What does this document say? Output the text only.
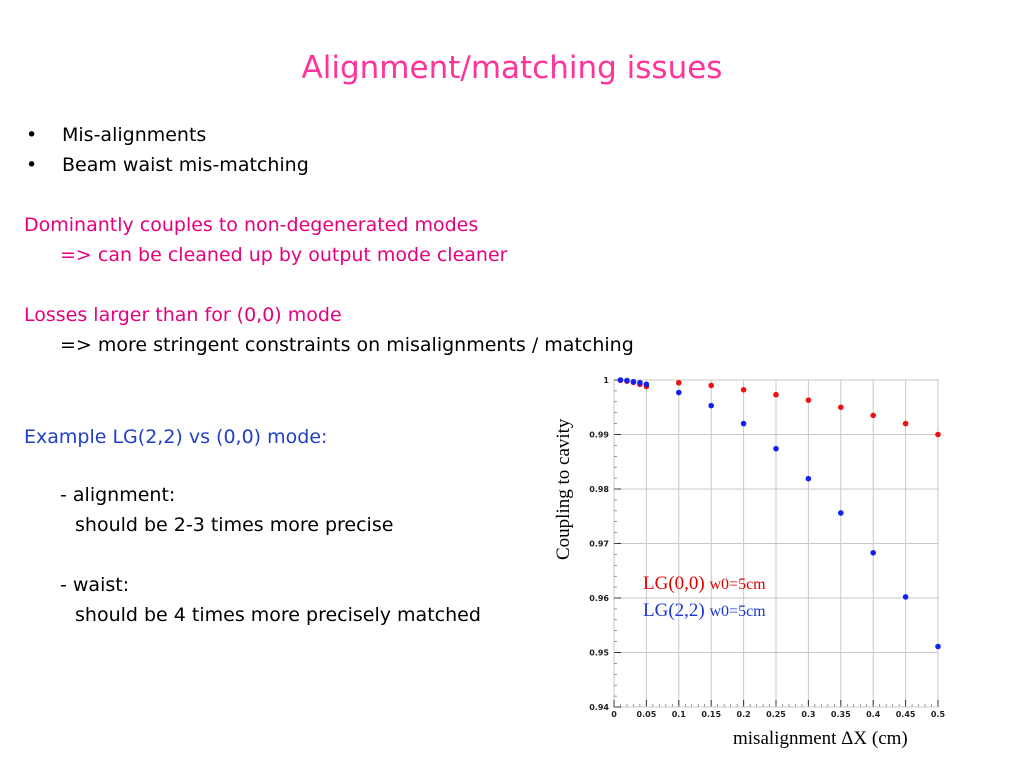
Alignment/matching issues
• Mis-alignments
• Beam waist mis-matching
Dominantly couples to non-degenerated modes
=> can be cleaned up by output mode cleaner
Losses larger than for (0,0) mode
=> more stringent constraints on misalignments / matching
Example LG(2,2) vs (0,0) mode:
- alignment:
should be 2-3 times more precise
- waist:
should be 4 times more precisely matched
0 0.05 0.1 0.15 0.2 0.25 0.3 0.35 0.4 0.45 0.5
0.94
0.95
0.96
0.97
0.98
0.99
1
Coupling to cavity
misalignment ΔX (cm)
LG(0,0) w0=5cm
LG(2,2) w0=5cm
